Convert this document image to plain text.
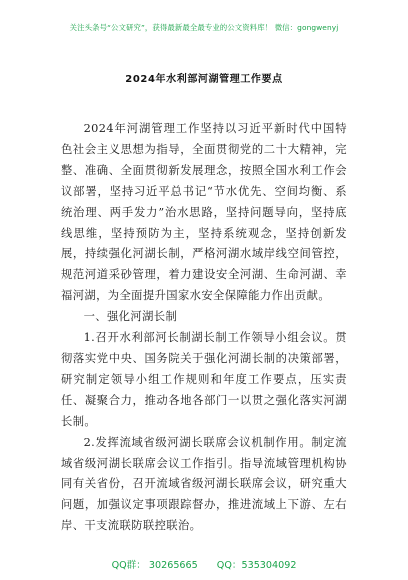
关注头条号“公文研究”，获得最新最全最专业的公文资料库！ 微信：gongwenyj
2024年水利部河湖管理工作要点

2024年河湖管理工作坚持以习近平新时代中国特色社会主义思想为指导，全面贯彻党的二十大精神，完整、准确、全面贯彻新发展理念，按照全国水利工作会议部署，坚持习近平总书记“节水优先、空间均衡、系统治理、两手发力”治水思路，坚持问题导向，坚持底线思维，坚持预防为主，坚持系统观念，坚持创新发展，持续强化河湖长制，严格河湖水域岸线空间管控，规范河道采砂管理，着力建设安全河湖、生命河湖、幸福河湖，为全面提升国家水安全保障能力作出贡献。

一、强化河湖长制

1.召开水利部河长制湖长制工作领导小组会议。贯彻落实党中央、国务院关于强化河湖长制的决策部署，研究制定领导小组工作规则和年度工作要点，压实责任、凝聚合力，推动各地各部门一以贯之强化落实河湖长制。

2.发挥流域省级河湖长联席会议机制作用。制定流域省级河湖长联席会议工作指引。指导流域管理机构协同有关省份，召开流域省级河湖长联席会议，研究重大问题，加强议定事项跟踪督办，推进流域上下游、左右岸、干支流联防联控联治。

QQ群： 30265665 QQ：535304092
